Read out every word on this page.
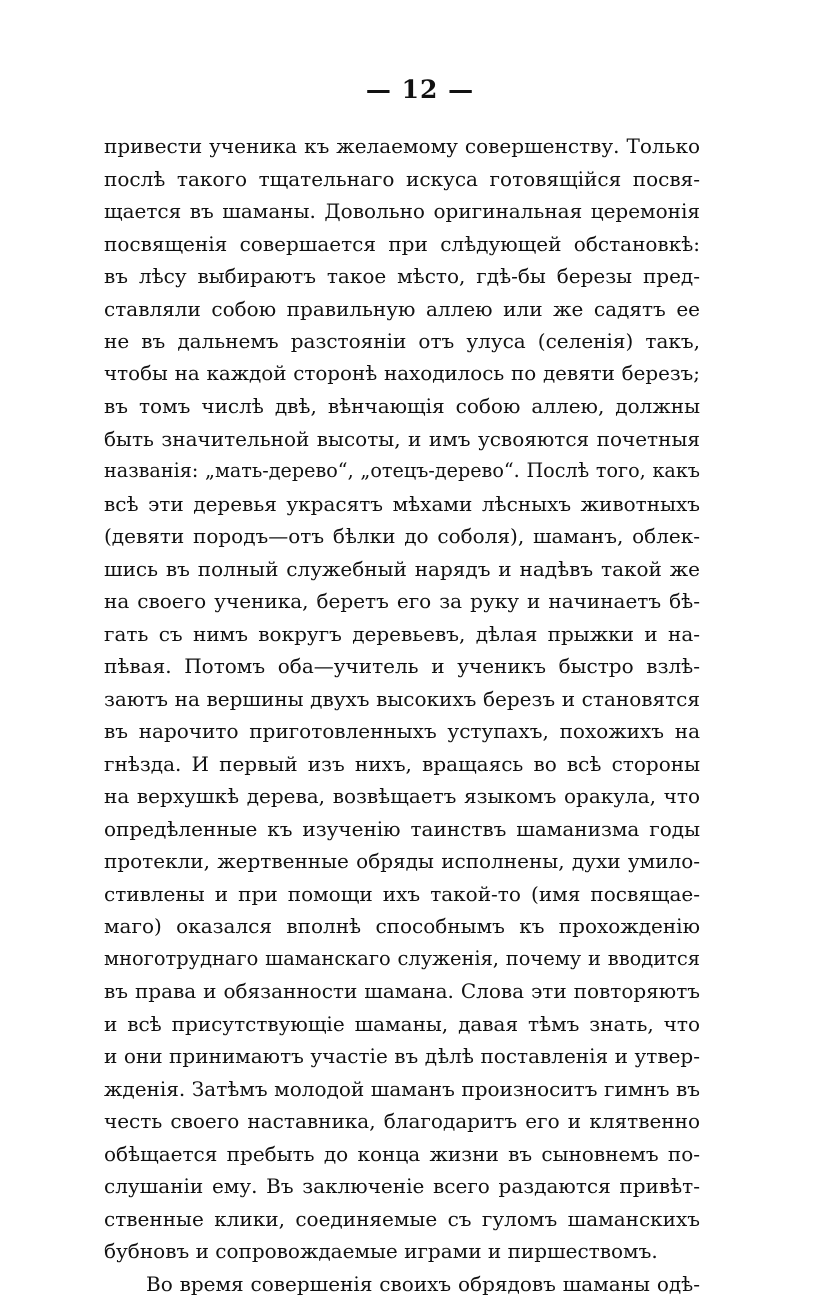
— 12 —
привести ученика къ желаемому совершенству. Только
послѣ такого тщательнаго искуса готовящійся посвя-
щается въ шаманы. Довольно оригинальная церемонія
посвященія совершается при слѣдующей обстановкѣ:
въ лѣсу выбираютъ такое мѣсто, гдѣ-бы березы пред-
ставляли собою правильную аллею или же садятъ ее
не въ дальнемъ разстояніи отъ улуса (селенія) такъ,
чтобы на каждой сторонѣ находилось по девяти березъ;
въ томъ числѣ двѣ, вѣнчающія собою аллею, должны
быть значительной высоты, и имъ усвояются почетныя
названія: „мать-дерево“, „отецъ-дерево“. Послѣ того, какъ
всѣ эти деревья украсятъ мѣхами лѣсныхъ животныхъ
(девяти породъ—отъ бѣлки до соболя), шаманъ, облек-
шись въ полный служебный нарядъ и надѣвъ такой же
на своего ученика, беретъ его за руку и начинаетъ бѣ-
гать съ нимъ вокругъ деревьевъ, дѣлая прыжки и на-
пѣвая. Потомъ оба—учитель и ученикъ быстро взлѣ-
заютъ на вершины двухъ высокихъ березъ и становятся
въ нарочито приготовленныхъ уступахъ, похожихъ на
гнѣзда. И первый изъ нихъ, вращаясь во всѣ стороны
на верхушкѣ дерева, возвѣщаетъ языкомъ оракула, что
опредѣленные къ изученію таинствъ шаманизма годы
протекли, жертвенные обряды исполнены, духи умило-
стивлены и при помощи ихъ такой-то (имя посвящае-
маго) оказался вполнѣ способнымъ къ прохожденію
многотруднаго шаманскаго служенія, почему и вводится
въ права и обязанности шамана. Слова эти повторяютъ
и всѣ присутствующіе шаманы, давая тѣмъ знать, что
и они принимаютъ участіе въ дѣлѣ поставленія и утвер-
жденія. Затѣмъ молодой шаманъ произноситъ гимнъ въ
честь своего наставника, благодаритъ его и клятвенно
обѣщается пребыть до конца жизни въ сыновнемъ по-
слушаніи ему. Въ заключеніе всего раздаются привѣт-
ственные клики, соединяемые съ гуломъ шаманскихъ
бубновъ и сопровождаемые играми и пиршествомъ.
Во время совершенія своихъ обрядовъ шаманы одѣ-
